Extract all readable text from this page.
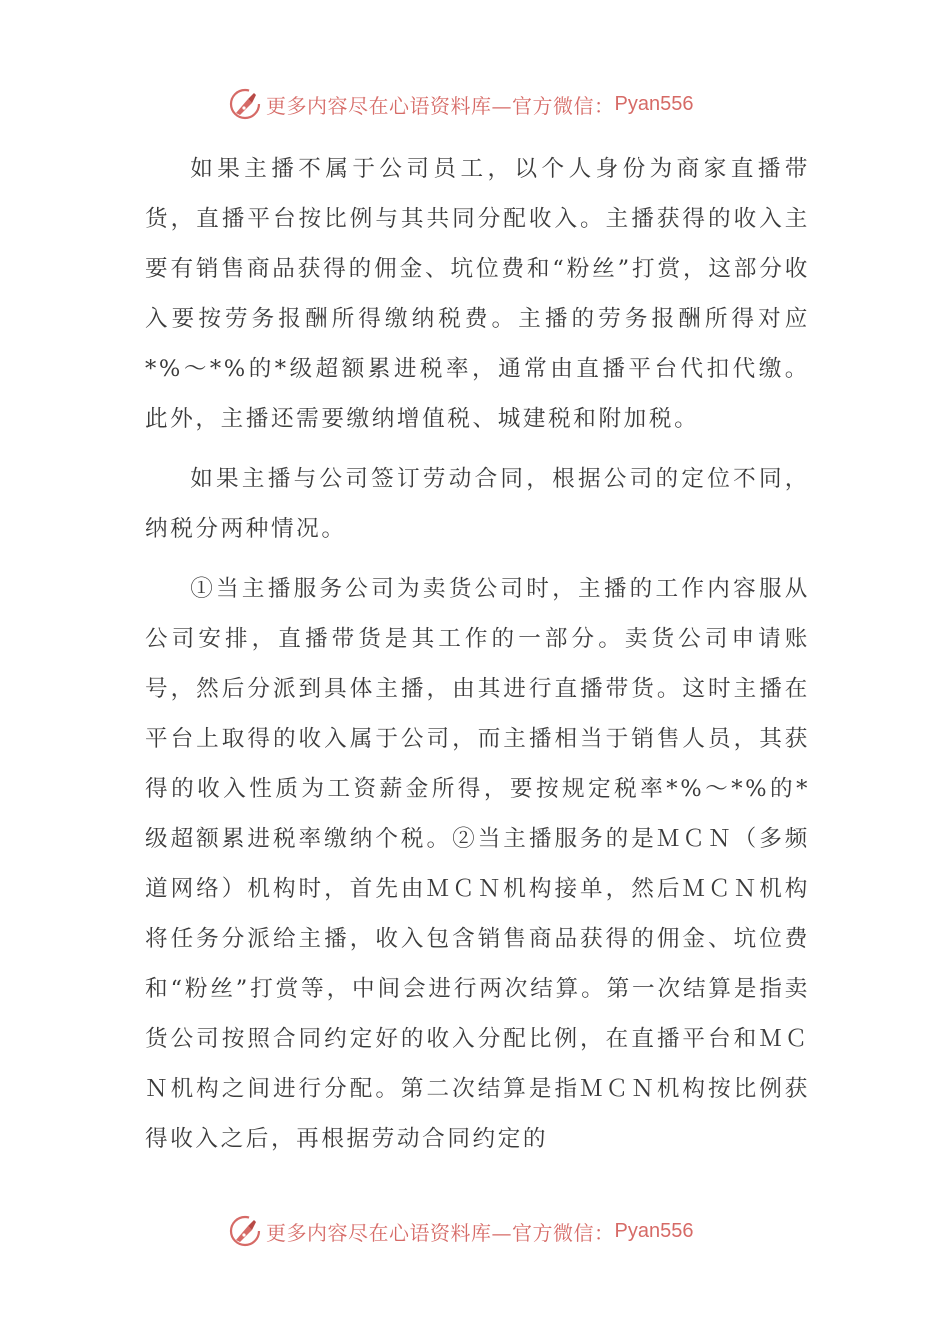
更多内容尽在心语资料库—官方微信： Pyan556

如果主播不属于公司员工，以个人身份为商家直播带货，直播平台按比例与其共同分配收入。主播获得的收入主要有销售商品获得的佣金、坑位费和“粉丝”打赏，这部分收入要按劳务报酬所得缴纳税费。主播的劳务报酬所得对应*%～*%的*级超额累进税率，通常由直播平台代扣代缴。此外，主播还需要缴纳增值税、城建税和附加税。

如果主播与公司签订劳动合同，根据公司的定位不同，纳税分两种情况。

①当主播服务公司为卖货公司时，主播的工作内容服从公司安排，直播带货是其工作的一部分。卖货公司申请账号，然后分派到具体主播，由其进行直播带货。这时主播在平台上取得的收入属于公司，而主播相当于销售人员，其获得的收入性质为工资薪金所得，要按规定税率*%～*%的*级超额累进税率缴纳个税。②当主播服务的是ＭＣＮ（多频道网络）机构时，首先由ＭＣＮ机构接单，然后ＭＣＮ机构将任务分派给主播，收入包含销售商品获得的佣金、坑位费和“粉丝”打赏等，中间会进行两次结算。第一次结算是指卖货公司按照合同约定好的收入分配比例，在直播平台和ＭＣＮ机构之间进行分配。第二次结算是指ＭＣＮ机构按比例获得收入之后，再根据劳动合同约定的

更多内容尽在心语资料库—官方微信： Pyan556
